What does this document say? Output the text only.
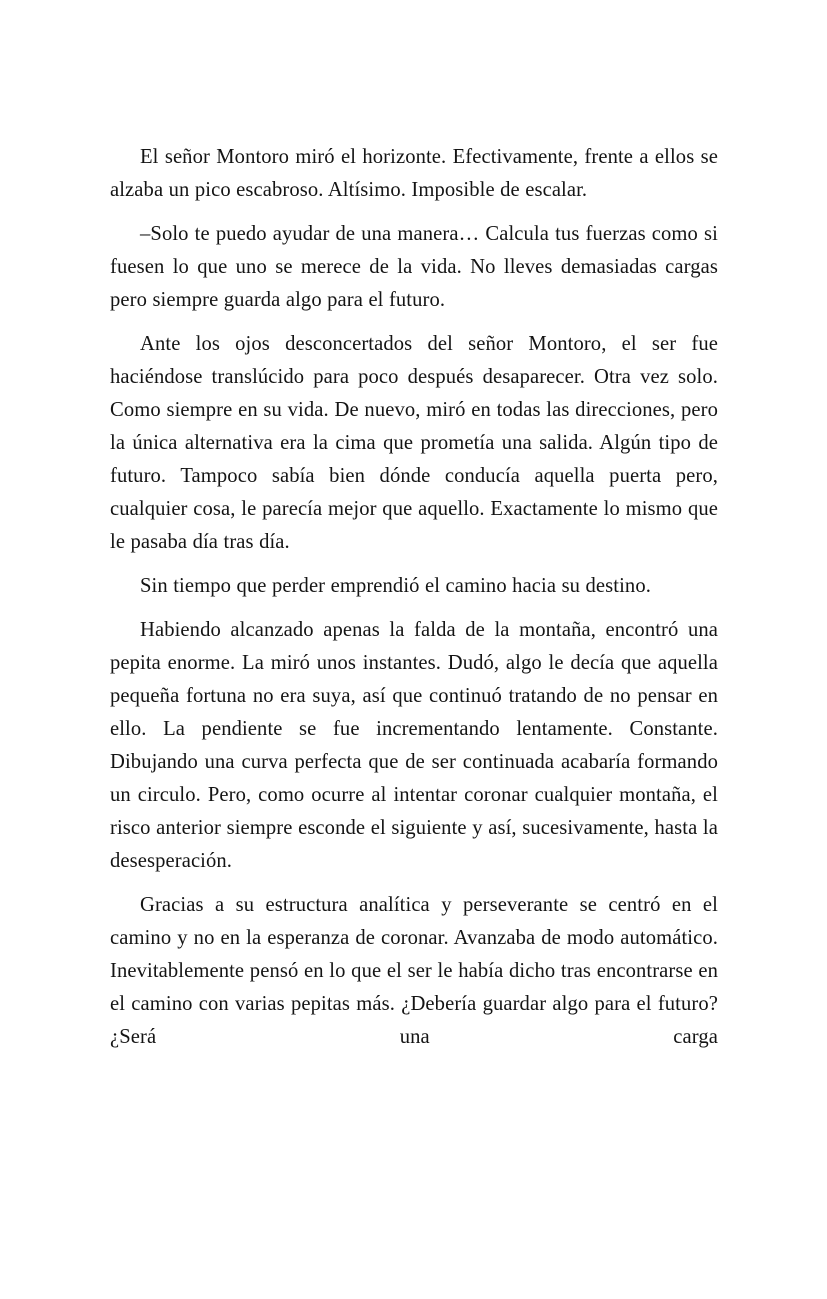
El señor Montoro miró el horizonte. Efectivamente, frente a ellos se alzaba un pico escabroso. Altísimo. Imposible de escalar.

–Solo te puedo ayudar de una manera… Calcula tus fuerzas como si fuesen lo que uno se merece de la vida. No lleves demasiadas cargas pero siempre guarda algo para el futuro.

Ante los ojos desconcertados del señor Montoro, el ser fue haciéndose translúcido para poco después desaparecer. Otra vez solo. Como siempre en su vida. De nuevo, miró en todas las direcciones, pero la única alternativa era la cima que prometía una salida. Algún tipo de futuro. Tampoco sabía bien dónde conducía aquella puerta pero, cualquier cosa, le parecía mejor que aquello. Exactamente lo mismo que le pasaba día tras día.

Sin tiempo que perder emprendió el camino hacia su destino.

Habiendo alcanzado apenas la falda de la montaña, encontró una pepita enorme. La miró unos instantes. Dudó, algo le decía que aquella pequeña fortuna no era suya, así que continuó tratando de no pensar en ello. La pendiente se fue incrementando lentamente. Constante. Dibujando una curva perfecta que de ser continuada acabaría formando un circulo. Pero, como ocurre al intentar coronar cualquier montaña, el risco anterior siempre esconde el siguiente y así, sucesivamente, hasta la desesperación.

Gracias a su estructura analítica y perseverante se centró en el camino y no en la esperanza de coronar. Avanzaba de modo automático. Inevitablemente pensó en lo que el ser le había dicho tras encontrarse en el camino con varias pepitas más. ¿Debería guardar algo para el futuro? ¿Será una carga
